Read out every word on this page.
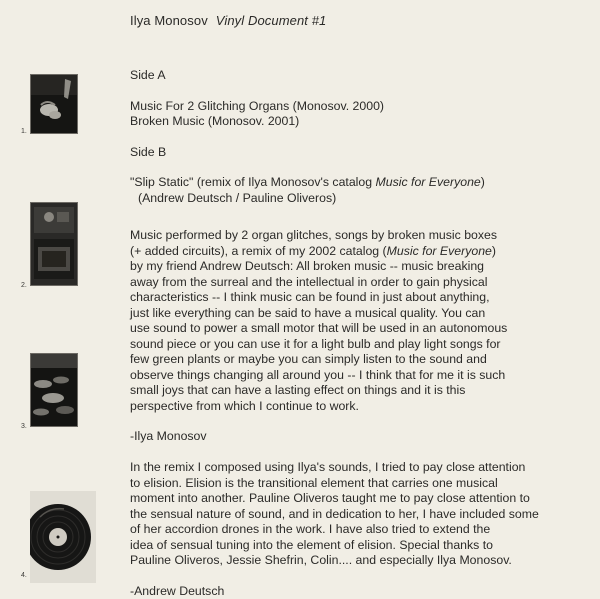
Ilya Monosov Vinyl Document #1

Side A

Music For 2 Glitching Organs (Monosov. 2000)

Broken Music (Monosov. 2001)

Side B

"Slip Static" (remix of Ilya Monosov's catalog Music for Everyone)

(Andrew Deutsch / Pauline Oliveros)

Music performed by 2 organ glitches, songs by broken music boxes

(+ added circuits), a remix of my 2002 catalog (Music for Everyone)

by my friend Andrew Deutsch: All broken music -- music breaking

away from the surreal and the intellectual in order to gain physical

characteristics -- I think music can be found in just about anything,

just like everything can be said to have a musical quality. You can

use sound to power a small motor that will be used in an autonomous

sound piece or you can use it for a light bulb and play light songs for

few green plants or maybe you can simply listen to the sound and

observe things changing all around you -- I think that for me it is such

small joys that can have a lasting effect on things and it is this

perspective from which I continue to work.

-Ilya Monosov

In the remix I composed using Ilya's sounds, I tried to pay close attention

to elision. Elision is the transitional element that carries one musical

moment into another. Pauline Oliveros taught me to pay close attention to

the sensual nature of sound, and in dedication to her, I have included some

of her accordion drones in the work. I have also tried to extend the

idea of sensual tuning into the element of elision. Special thanks to

Pauline Oliveros, Jessie Shefrin, Colin.... and especially Ilya Monosov.

-Andrew Deutsch

1.
2.
3.
4.
